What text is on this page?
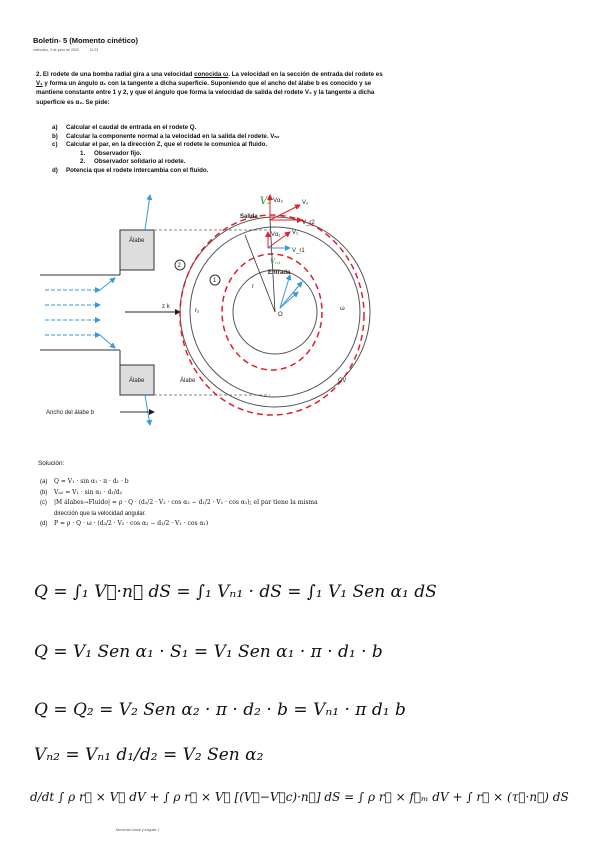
Boletín- 5 (Momento cinético)
miércoles, 3 de junio de 2020	11:23
2. El rodete de una bomba radial gira a una velocidad conocida ω. La velocidad en la sección de entrada del rodete es V₁ y forma un ángulo α₁ con la tangente a dicha superficie. Suponiendo que el ancho del álabe b es conocido y se mantiene constante entre 1 y 2, y que el ángulo que forma la velocidad de salida del rodete V₂ y la tangente a dicha superficie es α₂. Se pide:
a)	Calcular el caudal de entrada en el rodete Q.
b)	Calcular la componente normal a la velocidad en la salida del rodete. Vₙ₂
c)	Calcular el par, en la dirección Z, que el rodete le comunica al fluido.
1.	Observador fijo.
2.	Observador solidario al rodete.
d)	Potencia que el rodete intercambia con el fluido.
Álabe
Álabe	Álabe
z k
O
r
r₂	ω
CV
Salida
Entrada
2
1
Vα₂	V₂
V_r2
Vα₁ V₁
V_r1
V₂
Vₙ₁
Ancho del álabe b
Solución:
(a)	Q = V₁ · sin α₁ · π · d₁ · b
(b)	Vₙ₂ = V₁ · sin α₁ · d₁/d₂
(c)	|M álabes→Fluido| = ρ · Q · (d₂/2 · V₂ · cos α₂ − d₁/2 · V₁ · cos α₁); el par tiene la misma
dirección que la velocidad angular.
(d)	P = ρ · Q · ω · (d₂/2 · V₂ · cos α₂ − d₁/2 · V₁ · cos α₁)
Q = ∫₁ V⃗·n⃗ dS = ∫₁ Vₙ₁ · dS = ∫₁ V₁ Sen α₁ dS
Q = V₁ Sen α₁ · S₁ = V₁ Sen α₁ · π · d₁ · b
Q = Q₂ = V₂ Sen α₂ · π · d₂ · b = Vₙ₁ · π d₁ b
Vₙ₂ = Vₙ₁ d₁/d₂ = V₂ Sen α₂
d/dt ∫ ρ r⃗ × V⃗ dV + ∫ ρ r⃗ × V⃗ [(V⃗−V⃗c)·n⃗] dS = ∫ ρ r⃗ × f⃗ₘ dV + ∫ r⃗ × (τ⃗·n⃗) dS
Momento Lineal y Angular 1
